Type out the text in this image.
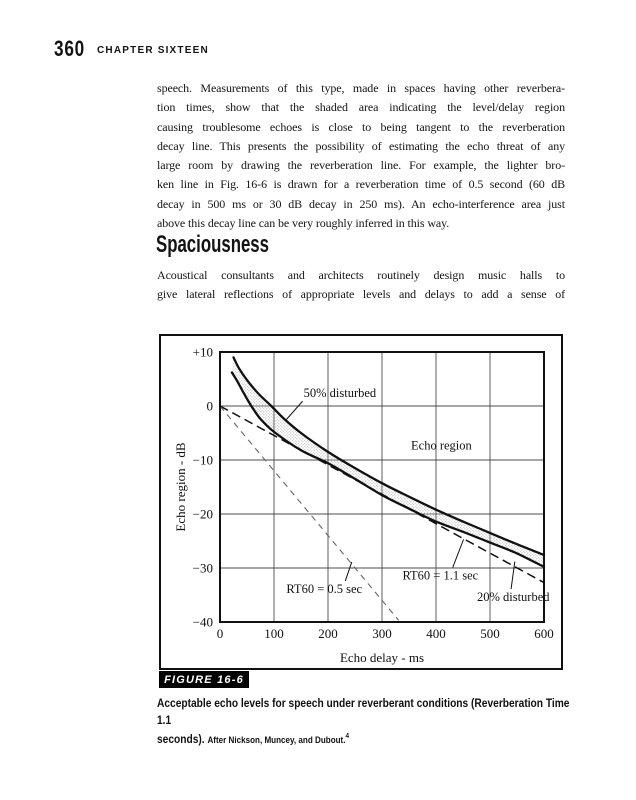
360 CHAPTER SIXTEEN
speech. Measurements of this type, made in spaces having other reverbera-
tion times, show that the shaded area indicating the level/delay region
causing troublesome echoes is close to being tangent to the reverberation
decay line. This presents the possibility of estimating the echo threat of any
large room by drawing the reverberation line. For example, the lighter bro-
ken line in Fig. 16-6 is drawn for a reverberation time of 0.5 second (60 dB
decay in 500 ms or 30 dB decay in 250 ms). An echo-interference area just
above this decay line can be very roughly inferred in this way.
Spaciousness
Acoustical consultants and architects routinely design music halls to
give lateral reflections of appropriate levels and delays to add a sense of
50% disturbed
Echo region
RT60 = 0.5 sec
RT60 = 1.1 sec
20% disturbed
0	100	200	300	400	500	600
+10
0
−10
−20
−30
−40
Echo delay - ms
Echo region - dB
FIGURE 16-6
Acceptable echo levels for speech under reverberant conditions (Reverberation Time 1.1
seconds). After Nickson, Muncey, and Dubout.$^4$
